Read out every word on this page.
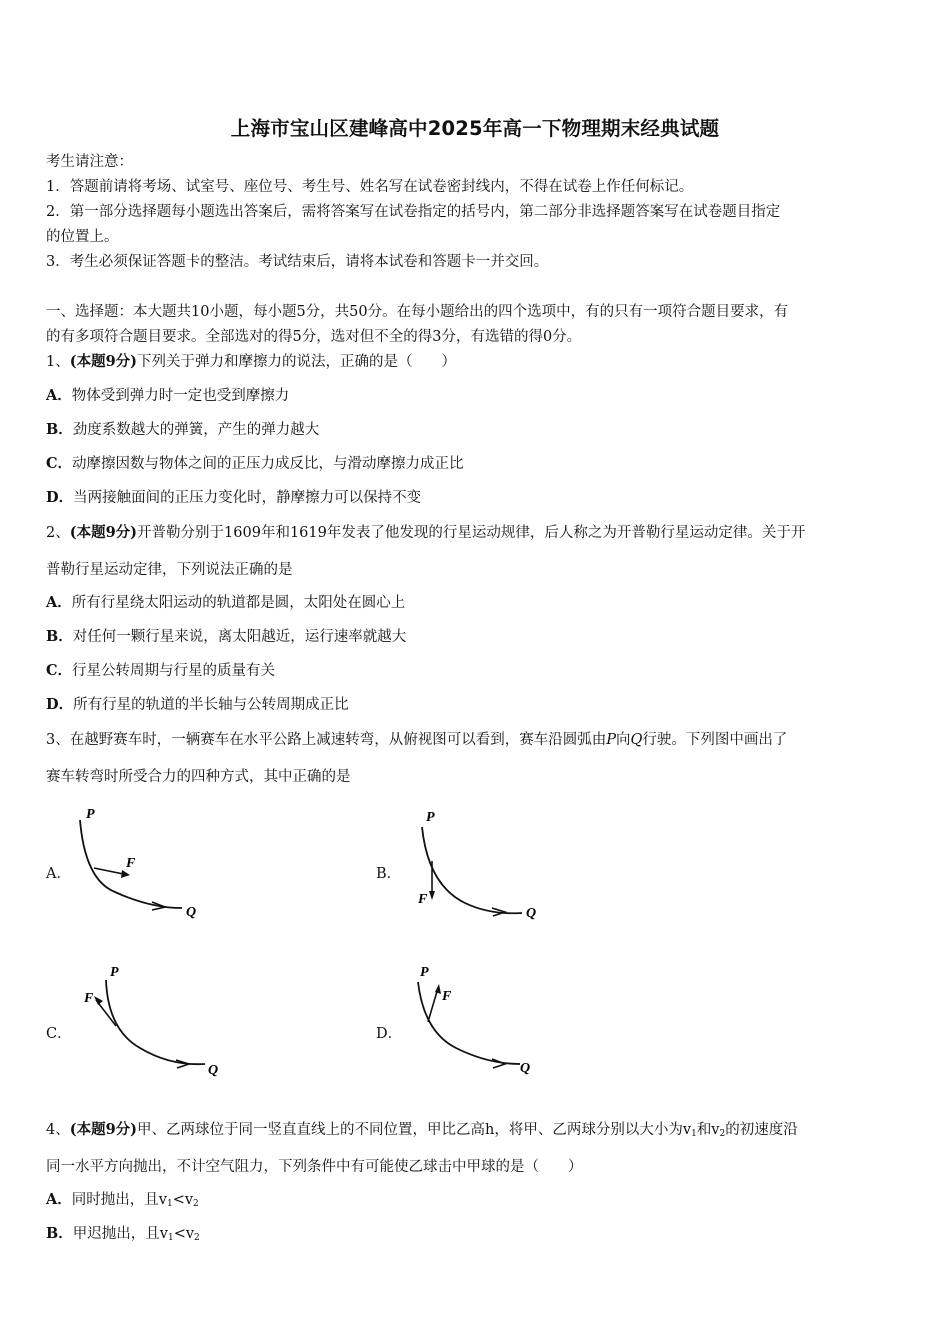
上海市宝山区建峰高中2025年高一下物理期末经典试题
考生请注意：
1．答题前请将考场、试室号、座位号、考生号、姓名写在试卷密封线内，不得在试卷上作任何标记。
2．第一部分选择题每小题选出答案后，需将答案写在试卷指定的括号内，第二部分非选择题答案写在试卷题目指定
的位置上。
3．考生必须保证答题卡的整洁。考试结束后，请将本试卷和答题卡一并交回。
一、选择题：本大题共10小题，每小题5分，共50分。在每小题给出的四个选项中，有的只有一项符合题目要求，有
的有多项符合题目要求。全部选对的得5分，选对但不全的得3分，有选错的得0分。
1、(本题9分)下列关于弹力和摩擦力的说法，正确的是（　　）
A．物体受到弹力时一定也受到摩擦力
B．劲度系数越大的弹簧，产生的弹力越大
C．动摩擦因数与物体之间的正压力成反比，与滑动摩擦力成正比
D．当两接触面间的正压力变化时，静摩擦力可以保持不变
2、(本题9分)开普勒分别于1609年和1619年发表了他发现的行星运动规律，后人称之为开普勒行星运动定律。关于开
普勒行星运动定律，下列说法正确的是
A．所有行星绕太阳运动的轨道都是圆，太阳处在圆心上
B．对任何一颗行星来说，离太阳越近，运行速率就越大
C．行星公转周期与行星的质量有关
D．所有行星的轨道的半长轴与公转周期成正比
3、在越野赛车时，一辆赛车在水平公路上减速转弯，从俯视图可以看到，赛车沿圆弧由P向Q行驶。下列图中画出了
赛车转弯时所受合力的四种方式，其中正确的是
A．
P
F
Q
B．
P
F
Q
C．
P
F
Q
D．
P
F
Q
4、(本题9分)甲、乙两球位于同一竖直直线上的不同位置，甲比乙高h，将甲、乙两球分别以大小为$v_1$和$v_2$的初速度沿
同一水平方向抛出，不计空气阻力，下列条件中有可能使乙球击中甲球的是（　　）
A．同时抛出，且$v_1<v_2$
B．甲迟抛出，且$v_1<v_2$
